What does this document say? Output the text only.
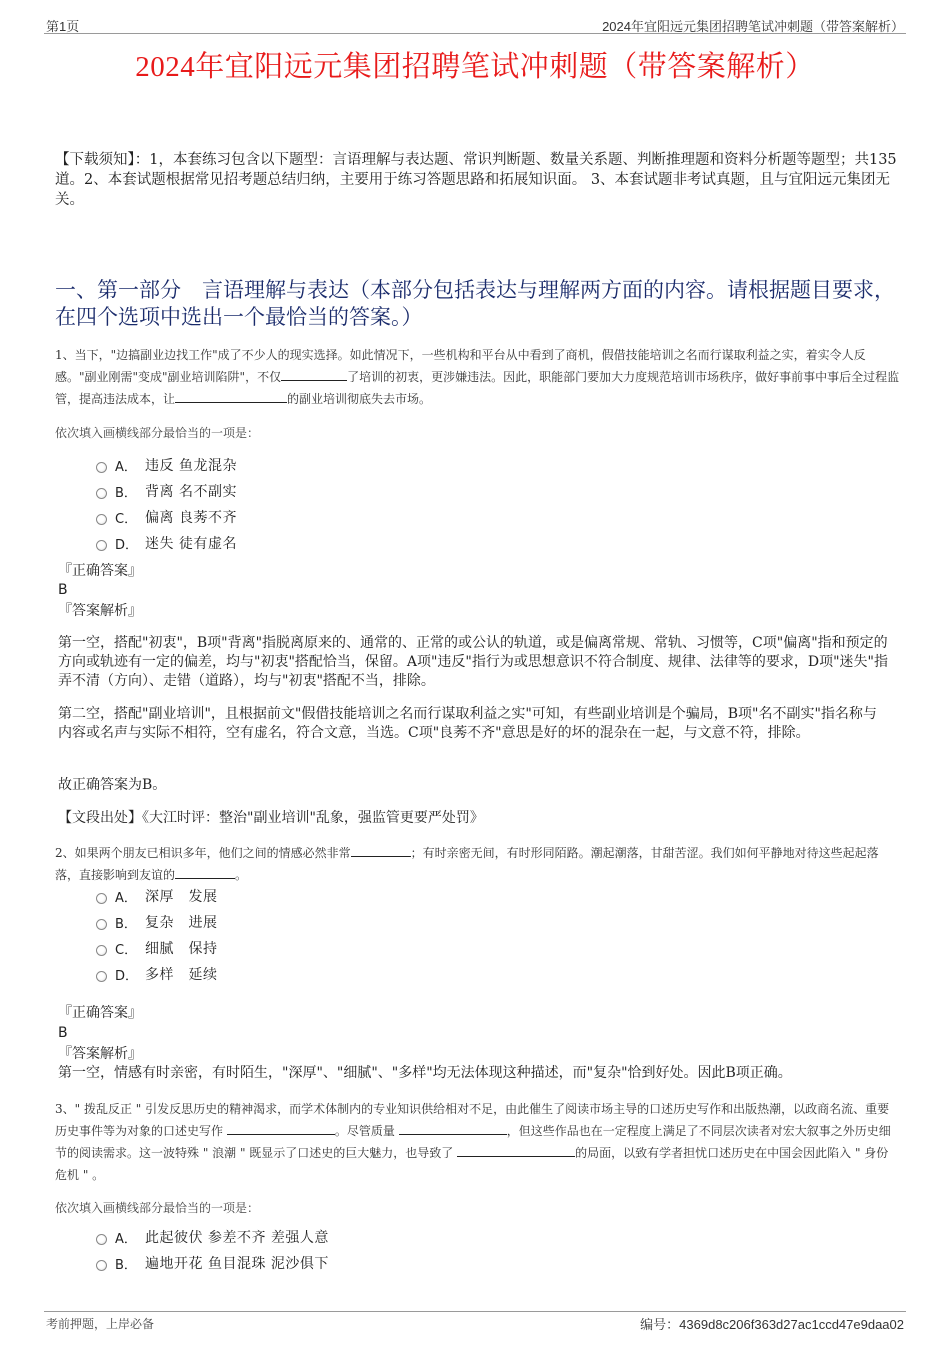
第1页	2024年宜阳远元集团招聘笔试冲刺题（带答案解析）
2024年宜阳远元集团招聘笔试冲刺题（带答案解析）
【下载须知】：1，本套练习包含以下题型：言语理解与表达题、常识判断题、数量关系题、判断推理题和资料分析题等题型；共135道。2、本套试题根据常见招考题总结归纳，主要用于练习答题思路和拓展知识面。 3、本套试题非考试真题，且与宜阳远元集团无关。
一、第一部分　言语理解与表达（本部分包括表达与理解两方面的内容。请根据题目要求，在四个选项中选出一个最恰当的答案。）
1、当下，"边搞副业边找工作"成了不少人的现实选择。如此情况下，一些机构和平台从中看到了商机，假借技能培训之名而行谋取利益之实，着实令人反感。"副业刚需"变成"副业培训陷阱"，不仅	了培训的初衷，更涉嫌违法。因此，职能部门要加大力度规范培训市场秩序，做好事前事中事后全过程监管，提高违法成本，让	的副业培训彻底失去市场。
依次填入画横线部分最恰当的一项是：
A． 违反 鱼龙混杂
B． 背离 名不副实
C． 偏离 良莠不齐
D． 迷失 徒有虚名
『正确答案』
B
『答案解析』
第一空，搭配"初衷"，B项"背离"指脱离原来的、通常的、正常的或公认的轨道，或是偏离常规、常轨、习惯等，C项"偏离"指和预定的方向或轨迹有一定的偏差，均与"初衷"搭配恰当，保留。A项"违反"指行为或思想意识不符合制度、规律、法律等的要求，D项"迷失"指弄不清（方向）、走错（道路），均与"初衷"搭配不当，排除。
第二空，搭配"副业培训"，且根据前文"假借技能培训之名而行谋取利益之实"可知，有些副业培训是个骗局，B项"名不副实"指名称与内容或名声与实际不相符，空有虚名，符合文意，当选。C项"良莠不齐"意思是好的坏的混杂在一起，与文意不符，排除。
故正确答案为B。
【文段出处】《大江时评：整治"副业培训"乱象，强监管更要严处罚》
2、如果两个朋友已相识多年，他们之间的情感必然非常	；有时亲密无间，有时形同陌路。潮起潮落，甘甜苦涩。我们如何平静地对待这些起起落落，直接影响到友谊的	。
A． 深厚　发展
B． 复杂　进展
C． 细腻　保持
D． 多样　延续
『正确答案』
B
『答案解析』
第一空，情感有时亲密，有时陌生，"深厚"、"细腻"、"多样"均无法体现这种描述，而"复杂"恰到好处。因此B项正确。
3、" 拨乱反正 " 引发反思历史的精神渴求，而学术体制内的专业知识供给相对不足，由此催生了阅读市场主导的口述历史写作和出版热潮，以政商名流、重要历史事件等为对象的口述史写作	。尽管质量	，但这些作品也在一定程度上满足了不同层次读者对宏大叙事之外历史细节的阅读需求。这一波特殊 " 浪潮 " 既显示了口述史的巨大魅力，也导致了	的局面，以致有学者担忧口述历史在中国会因此陷入 " 身份危机 " 。
依次填入画横线部分最恰当的一项是：
A． 此起彼伏 参差不齐 差强人意
B． 遍地开花 鱼目混珠 泥沙俱下
考前押题，上岸必备	编号：4369d8c206f363d27ac1ccd47e9daa02
